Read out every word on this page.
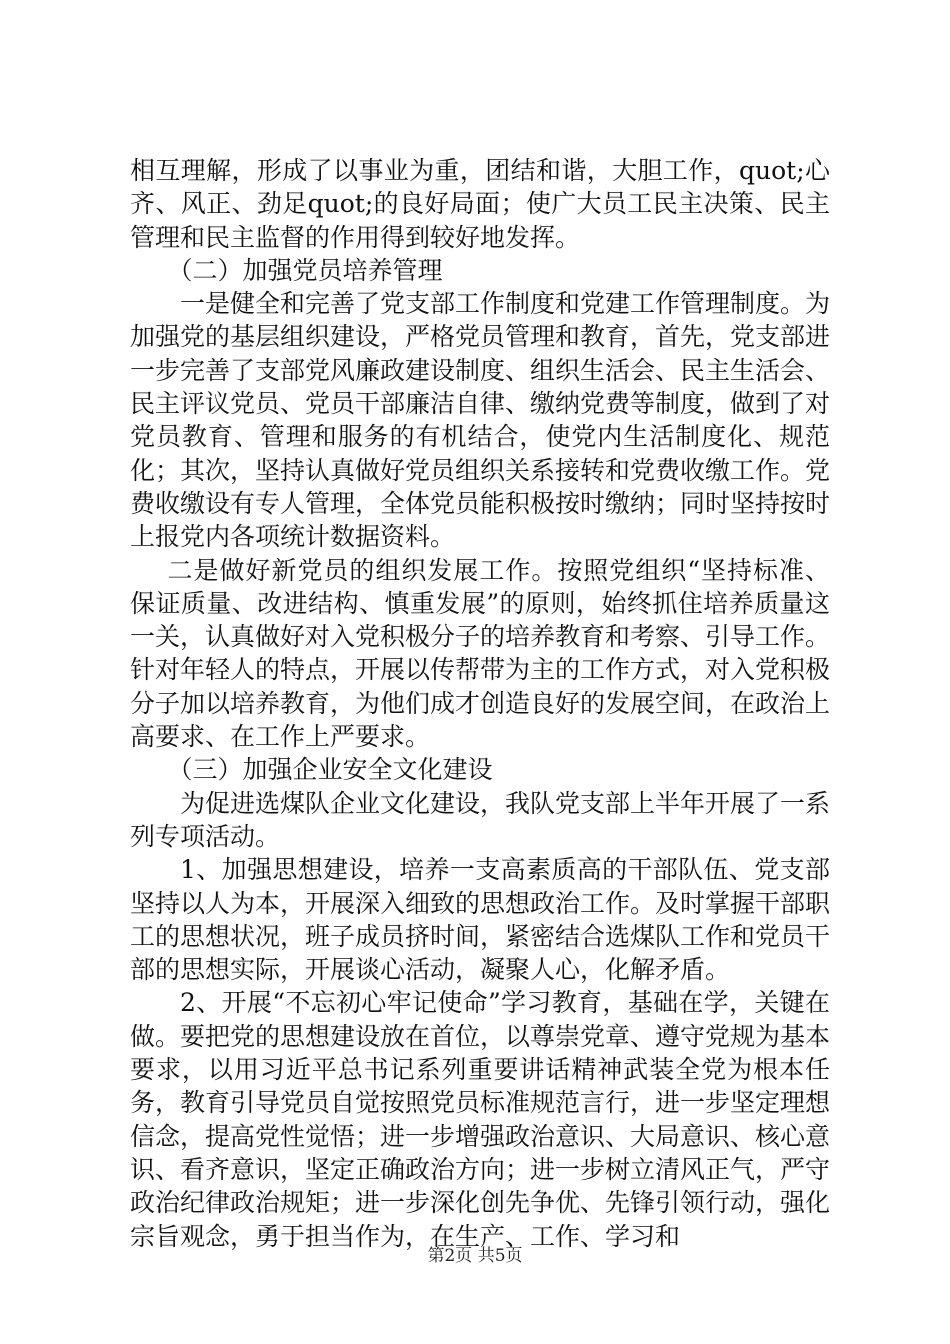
相互理解，形成了以事业为重，团结和谐，大胆工作，quot;心齐、风正、劲足quot;的良好局面；使广大员工民主决策、民主管理和民主监督的作用得到较好地发挥。

（二）加强党员培养管理

一是健全和完善了党支部工作制度和党建工作管理制度。为加强党的基层组织建设，严格党员管理和教育，首先，党支部进一步完善了支部党风廉政建设制度、组织生活会、民主生活会、民主评议党员、党员干部廉洁自律、缴纳党费等制度，做到了对党员教育、管理和服务的有机结合，使党内生活制度化、规范化；其次，坚持认真做好党员组织关系接转和党费收缴工作。党费收缴设有专人管理，全体党员能积极按时缴纳；同时坚持按时上报党内各项统计数据资料。

二是做好新党员的组织发展工作。按照党组织“坚持标准、保证质量、改进结构、慎重发展”的原则，始终抓住培养质量这一关，认真做好对入党积极分子的培养教育和考察、引导工作。针对年轻人的特点，开展以传帮带为主的工作方式，对入党积极分子加以培养教育，为他们成才创造良好的发展空间，在政治上高要求、在工作上严要求。

（三）加强企业安全文化建设

为促进选煤队企业文化建设，我队党支部上半年开展了一系列专项活动。

1、加强思想建设，培养一支高素质高的干部队伍、党支部坚持以人为本，开展深入细致的思想政治工作。及时掌握干部职工的思想状况，班子成员挤时间，紧密结合选煤队工作和党员干部的思想实际，开展谈心活动，凝聚人心，化解矛盾。

2、开展“不忘初心牢记使命”学习教育，基础在学，关键在做。要把党的思想建设放在首位，以尊崇党章、遵守党规为基本要求，以用习近平总书记系列重要讲话精神武装全党为根本任务，教育引导党员自觉按照党员标准规范言行，进一步坚定理想信念，提高党性觉悟；进一步增强政治意识、大局意识、核心意识、看齐意识，坚定正确政治方向；进一步树立清风正气，严守政治纪律政治规矩；进一步深化创先争优、先锋引领行动，强化宗旨观念，勇于担当作为，在生产、工作、学习和

第2页 共5页
